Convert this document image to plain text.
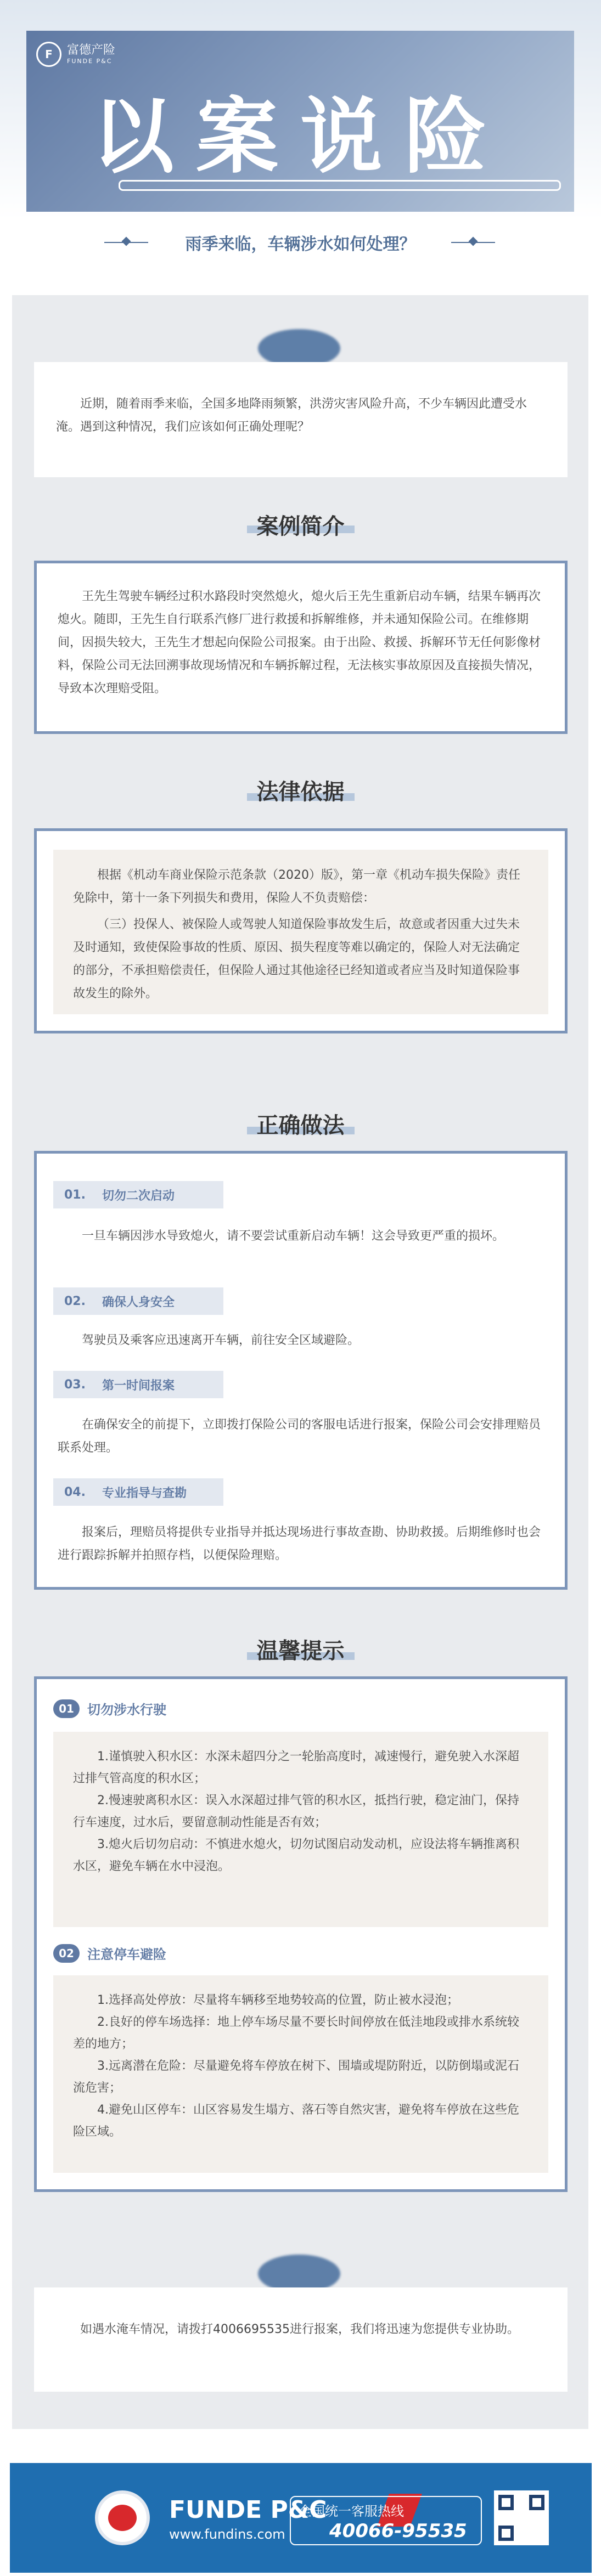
F	富德产险
FUNDE P&C
以案说险
雨季来临，车辆涉水如何处理？

近期，随着雨季来临，全国多地降雨频繁，洪涝灾害风险升高，不少车辆因此遭受水淹。遇到这种情况，我们应该如何正确处理呢？

案例简介

王先生驾驶车辆经过积水路段时突然熄火，熄火后王先生重新启动车辆，结果车辆再次熄火。随即，王先生自行联系汽修厂进行救援和拆解维修，并未通知保险公司。在维修期间，因损失较大，王先生才想起向保险公司报案。由于出险、救援、拆解环节无任何影像材料，保险公司无法回溯事故现场情况和车辆拆解过程，无法核实事故原因及直接损失情况，导致本次理赔受阻。

法律依据

根据《机动车商业保险示范条款（2020）版》，第一章《机动车损失保险》责任免除中，第十一条下列损失和费用，保险人不负责赔偿：

（三）投保人、被保险人或驾驶人知道保险事故发生后，故意或者因重大过失未及时通知，致使保险事故的性质、原因、损失程度等难以确定的，保险人对无法确定的部分，不承担赔偿责任，但保险人通过其他途径已经知道或者应当及时知道保险事故发生的除外。

正确做法
01. 切勿二次启动

一旦车辆因涉水导致熄火，请不要尝试重新启动车辆！这会导致更严重的损坏。

02. 确保人身安全

驾驶员及乘客应迅速离开车辆，前往安全区域避险。

03. 第一时间报案

在确保安全的前提下，立即拨打保险公司的客服电话进行报案，保险公司会安排理赔员联系处理。

04. 专业指导与查勘

报案后，理赔员将提供专业指导并抵达现场进行事故查勘、协助救援。后期维修时也会进行跟踪拆解并拍照存档，以便保险理赔。

温馨提示
01	切勿涉水行驶

1.谨慎驶入积水区：水深未超四分之一轮胎高度时，减速慢行，避免驶入水深超过排气管高度的积水区；

2.慢速驶离积水区：误入水深超过排气管的积水区，抵挡行驶，稳定油门，保持行车速度，过水后，要留意制动性能是否有效；

3.熄火后切勿启动：不慎进水熄火，切勿试图启动发动机，应设法将车辆推离积水区，避免车辆在水中浸泡。

02	注意停车避险

1.选择高处停放：尽量将车辆移至地势较高的位置，防止被水浸泡；

2.良好的停车场选择：地上停车场尽量不要长时间停放在低洼地段或排水系统较差的地方；

3.远离潜在危险：尽量避免将车停放在树下、围墙或堤防附近，以防倒塌或泥石流危害；

4.避免山区停车：山区容易发生塌方、落石等自然灾害，避免将车停放在这些危险区域。

如遇水淹车情况，请拨打4006695535进行报案，我们将迅速为您提供专业协助。

FUNDE P&C
www.fundins.com
全国统一客服热线
40066-95535
